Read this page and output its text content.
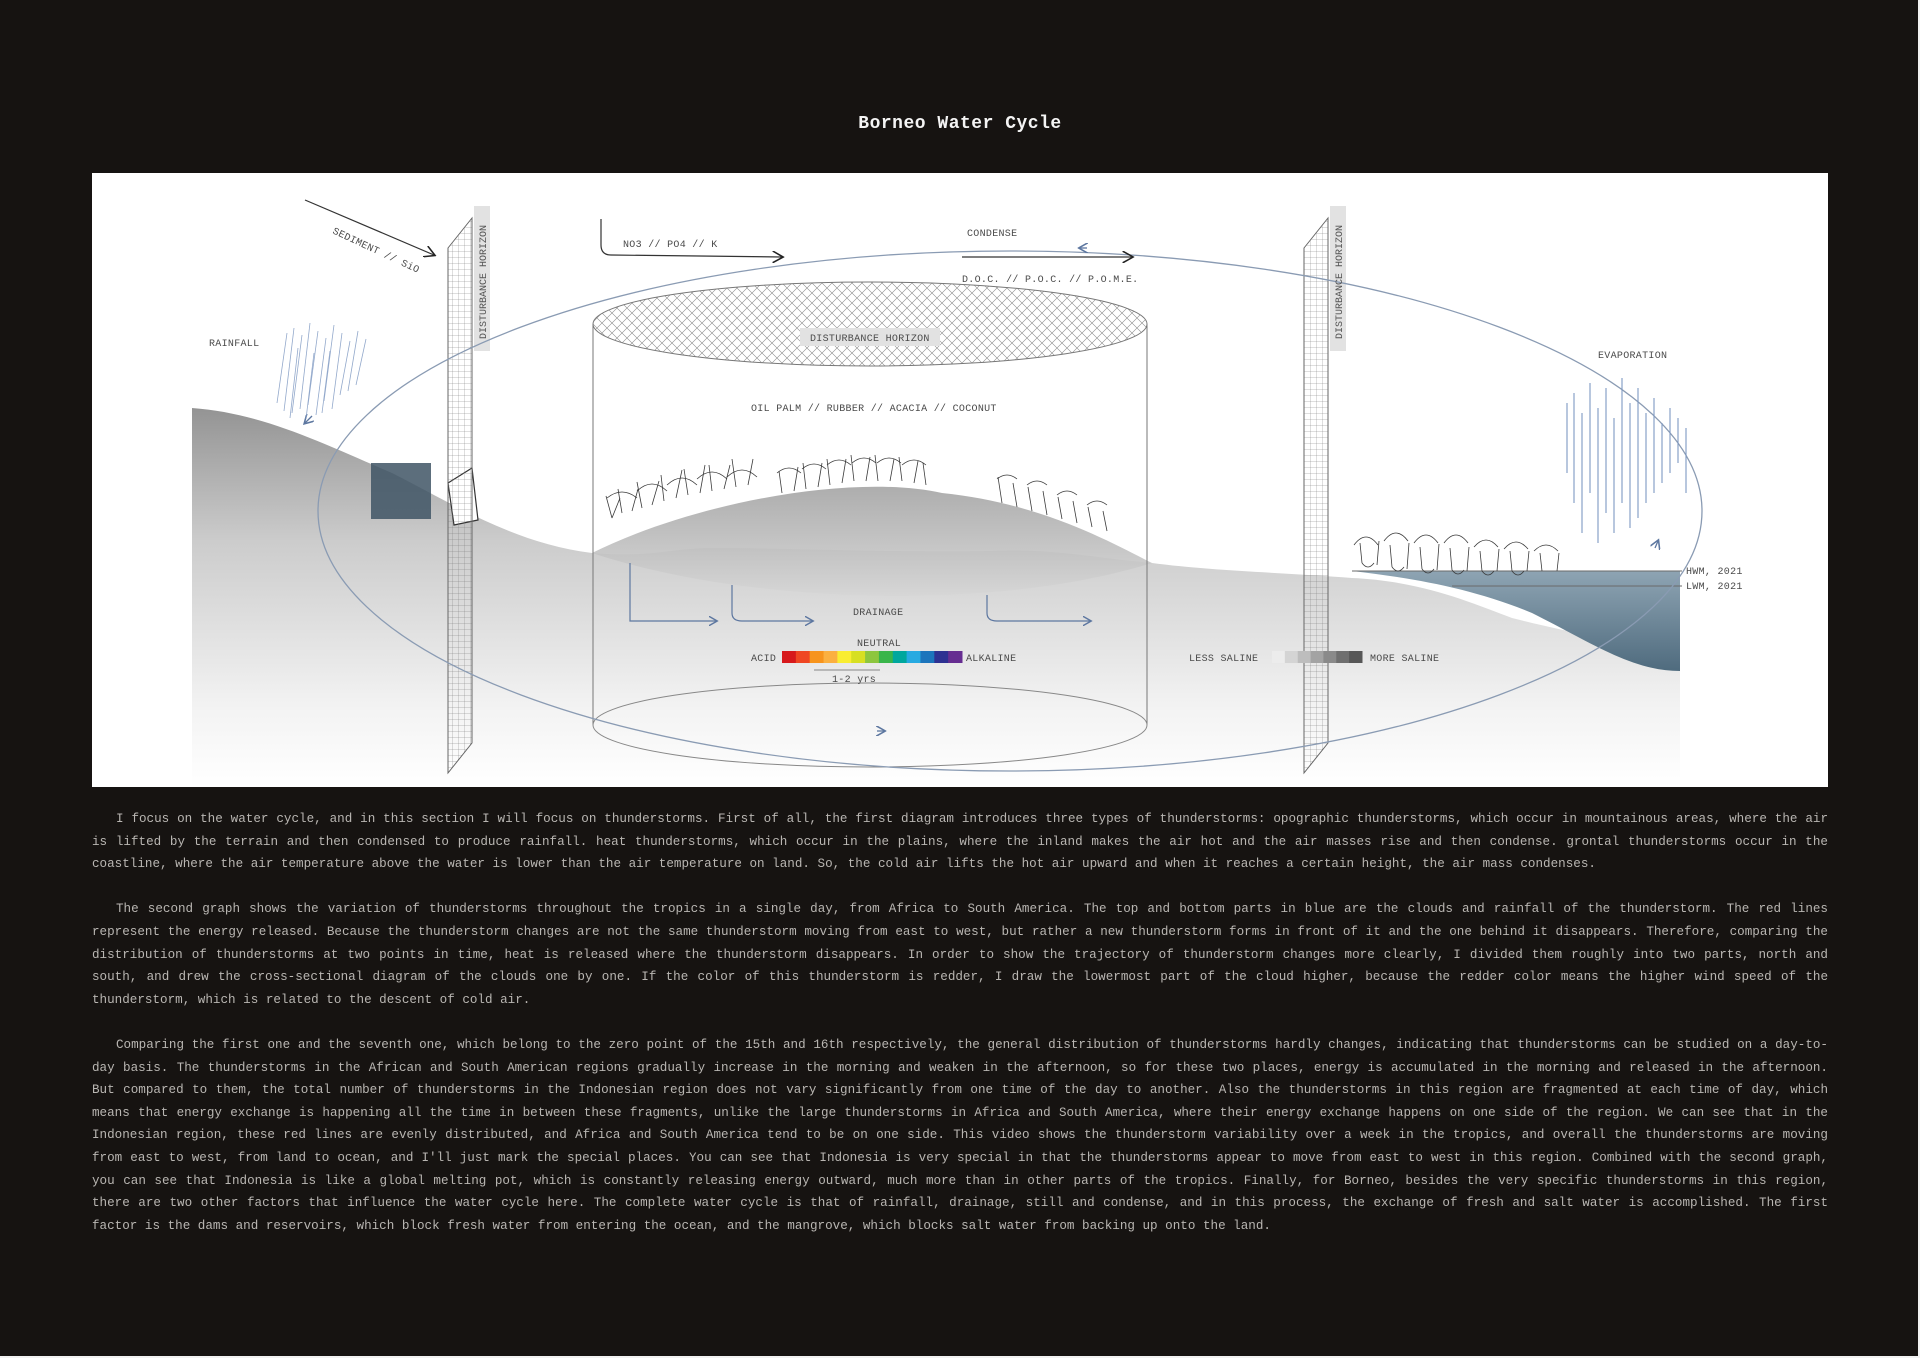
Borneo Water Cycle
SEDIMENT // SiO	DISTURBANCE HORIZON	NO3 // PO4 // K
CONDENSE
D.O.C. // P.O.C. // P.O.M.E.	DISTURBANCE HORIZON
RAINFALL	DISTURBANCE HORIZON
OIL PALM // RUBBER // ACACIA // COCONUT
EVAPORATION
HWM, 2021
LWM, 2021
DRAINAGE
NEUTRAL
ACID	ALKALINE
1-2 yrs
LESS SALINE	MORE SALINE

I focus on the water cycle, and in this section I will focus on thunderstorms. First of all, the first diagram introduces three types of thunderstorms: opographic thunderstorms, which occur in mountainous areas, where the air is lifted by the terrain and then condensed to produce rainfall. heat thunderstorms, which occur in the plains, where the inland makes the air hot and the air masses rise and then condense. grontal thunderstorms occur in the coastline, where the air temperature above the water is lower than the air temperature on land. So, the cold air lifts the hot air upward and when it reaches a certain height, the air mass condenses.

The second graph shows the variation of thunderstorms throughout the tropics in a single day, from Africa to South America. The top and bottom parts in blue are the clouds and rainfall of the thunderstorm. The red lines represent the energy released. Because the thunderstorm changes are not the same thunderstorm moving from east to west, but rather a new thunderstorm forms in front of it and the one behind it disappears. Therefore, comparing the distribution of thunderstorms at two points in time, heat is released where the thunderstorm disappears. In order to show the trajectory of thunderstorm changes more clearly, I divided them roughly into two parts, north and south, and drew the cross-sectional diagram of the clouds one by one. If the color of this thunderstorm is redder, I draw the lowermost part of the cloud higher, because the redder color means the higher wind speed of the thunderstorm, which is related to the descent of cold air.

Comparing the first one and the seventh one, which belong to the zero point of the 15th and 16th respectively, the general distribution of thunderstorms hardly changes, indicating that thunderstorms can be studied on a day-to-day basis. The thunderstorms in the African and South American regions gradually increase in the morning and weaken in the afternoon, so for these two places, energy is accumulated in the morning and released in the afternoon. But compared to them, the total number of thunderstorms in the Indonesian region does not vary significantly from one time of the day to another. Also the thunderstorms in this region are fragmented at each time of day, which means that energy exchange is happening all the time in between these fragments, unlike the large thunderstorms in Africa and South America, where their energy exchange happens on one side of the region. We can see that in the Indonesian region, these red lines are evenly distributed, and Africa and South America tend to be on one side. This video shows the thunderstorm variability over a week in the tropics, and overall the thunderstorms are moving from east to west, from land to ocean, and I'll just mark the special places. You can see that Indonesia is very special in that the thunderstorms appear to move from east to west in this region. Combined with the second graph, you can see that Indonesia is like a global melting pot, which is constantly releasing energy outward, much more than in other parts of the tropics. Finally, for Borneo, besides the very specific thunderstorms in this region, there are two other factors that influence the water cycle here. The complete water cycle is that of rainfall, drainage, still and condense, and in this process, the exchange of fresh and salt water is accomplished. The first factor is the dams and reservoirs, which block fresh water from entering the ocean, and the mangrove, which blocks salt water from backing up onto the land.
